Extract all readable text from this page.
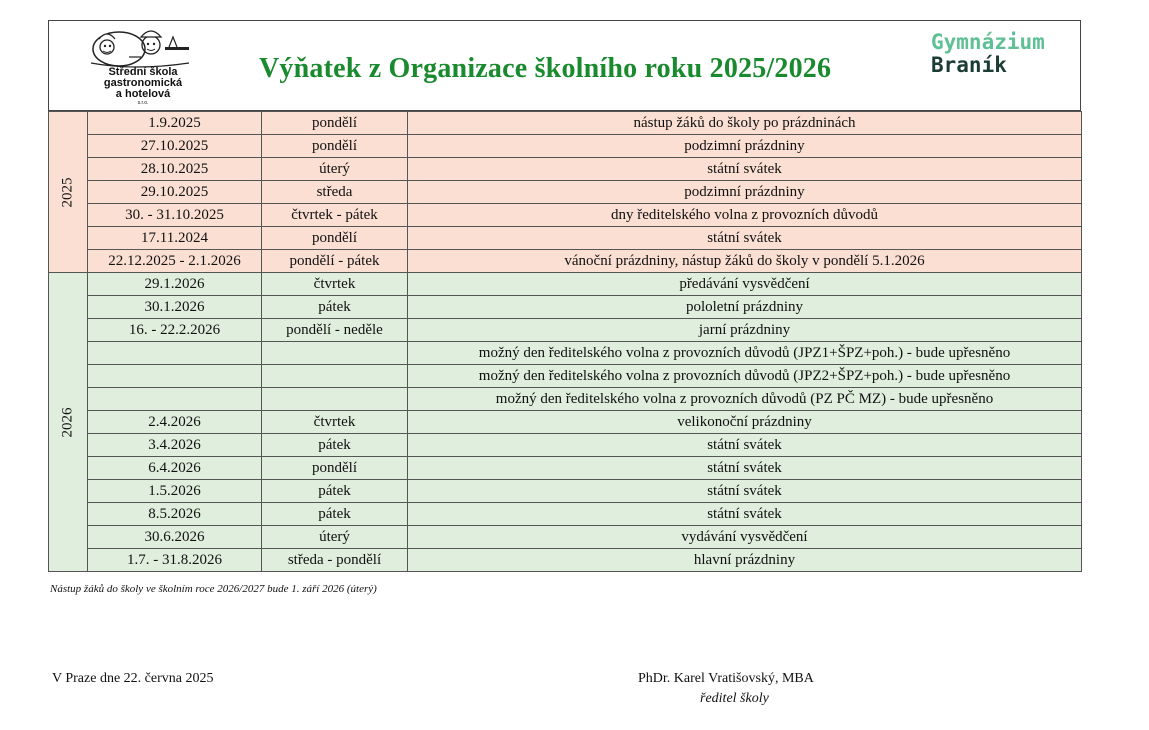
Střední škola
gastronomická
a hotelová
s.r.o.
Výňatek z Organizace školního roku 2025/2026
Gymnázium
Braník
2025	1.9.2025	pondělí	nástup žáků do školy po prázdninách
	27.10.2025	pondělí	podzimní prázdniny
	28.10.2025	úterý	státní svátek
	29.10.2025	středa	podzimní prázdniny
	30. - 31.10.2025	čtvrtek - pátek	dny ředitelského volna z provozních důvodů
	17.11.2024	pondělí	státní svátek
	22.12.2025 - 2.1.2026	pondělí - pátek	vánoční prázdniny, nástup žáků do školy v pondělí 5.1.2026

2026	29.1.2026	čtvrtek	předávání vysvědčení
	30.1.2026	pátek	pololetní prázdniny
	16. - 22.2.2026	pondělí - neděle	jarní prázdniny
			možný den ředitelského volna z provozních důvodů (JPZ1+ŠPZ+poh.) - bude upřesněno
			možný den ředitelského volna z provozních důvodů (JPZ2+ŠPZ+poh.) - bude upřesněno
			možný den ředitelského volna z provozních důvodů (PZ PČ MZ) - bude upřesněno
	2.4.2026	čtvrtek	velikonoční prázdniny
	3.4.2026	pátek	státní svátek
	6.4.2026	pondělí	státní svátek
	1.5.2026	pátek	státní svátek
	8.5.2026	pátek	státní svátek
	30.6.2026	úterý	vydávání vysvědčení
	1.7. - 31.8.2026	středa - pondělí	hlavní prázdniny
Nástup žáků do školy ve školním roce 2026/2027 bude 1. září 2026 (úterý)
V Praze dne 22. června 2025	PhDr. Karel Vratišovský, MBA
ředitel školy
